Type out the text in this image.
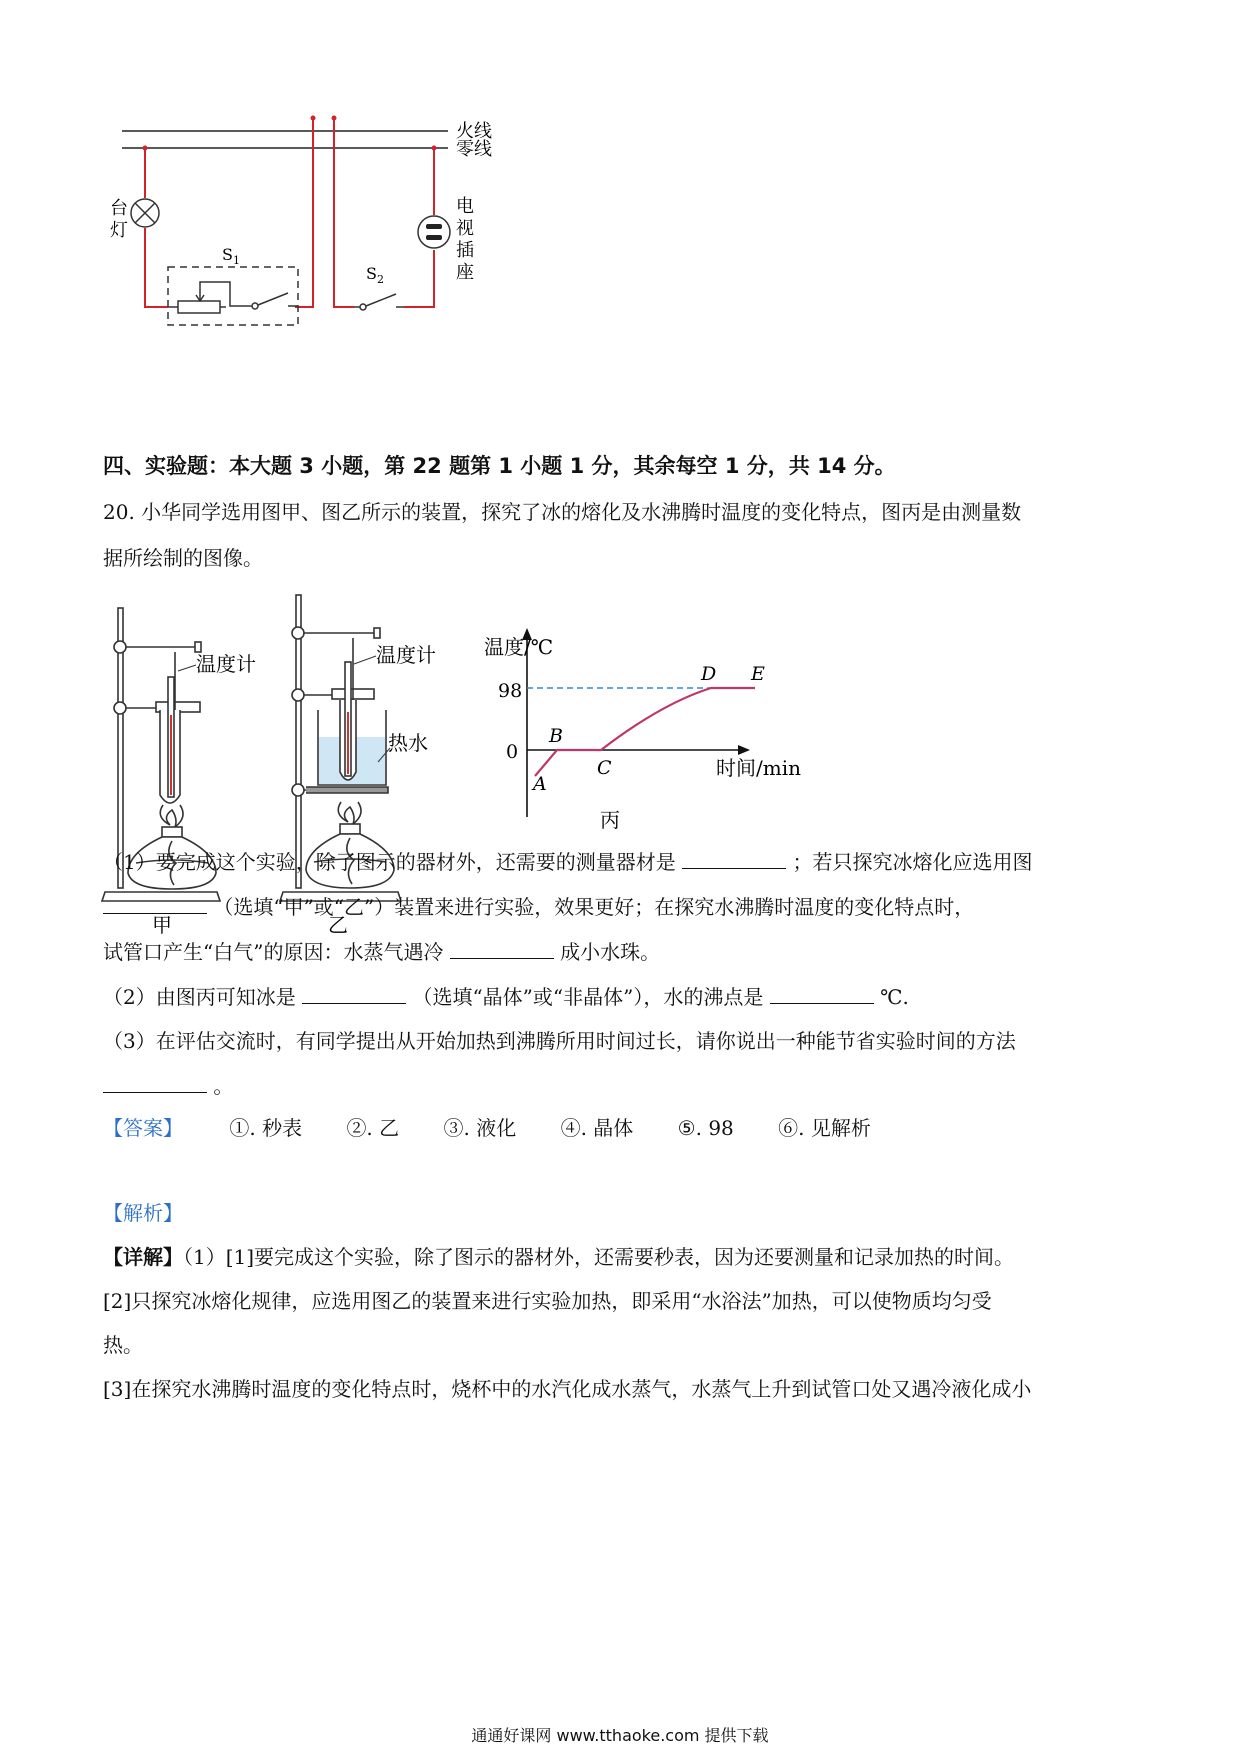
火线
零线
台
灯
$S_1$
$S_2$
电
视
插
座
四、实验题：本大题 3 小题，第 22 题第 1 小题 1 分，其余每空 1 分，共 14 分。
20. 小华同学选用图甲、图乙所示的装置，探究了冰的熔化及水沸腾时温度的变化特点，图丙是由测量数
据所绘制的图像。
温度计
甲
温度计
热水
乙
温度/℃
时间/min
0
98
A
B
C
D E
丙
（1）要完成这个实验，除了图示的器材外，还需要的测量器材是	；若只探究冰熔化应选用图
（选填“甲”或“乙”）装置来进行实验，效果更好；在探究水沸腾时温度的变化特点时，
试管口产生“白气”的原因：水蒸气遇冷	成小水珠。
（2）由图丙可知冰是	（选填“晶体”或“非晶体”），水的沸点是	℃.
（3）在评估交流时，有同学提出从开始加热到沸腾所用时间过长，请你说出一种能节省实验时间的方法
。
【答案】 ①. 秒表 ②. 乙 ③. 液化 ④. 晶体 ⑤. 98 ⑥. 见解析
【解析】
【详解】（1）[1]要完成这个实验，除了图示的器材外，还需要秒表，因为还要测量和记录加热的时间。
[2]只探究冰熔化规律，应选用图乙的装置来进行实验加热，即采用“水浴法”加热，可以使物质均匀受
热。
[3]在探究水沸腾时温度的变化特点时，烧杯中的水汽化成水蒸气，水蒸气上升到试管口处又遇冷液化成小
通通好课网 www.tthaoke.com 提供下载
